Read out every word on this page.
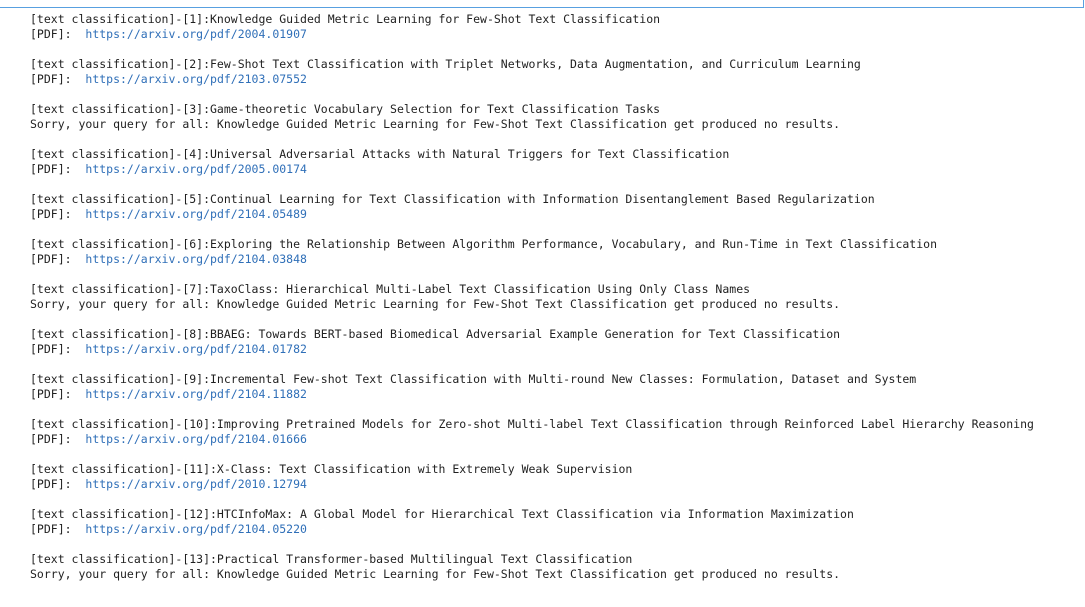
[text classification]-[1]:Knowledge Guided Metric Learning for Few-Shot Text Classification
[PDF]:  https://arxiv.org/pdf/2004.01907
[text classification]-[2]:Few-Shot Text Classification with Triplet Networks, Data Augmentation, and Curriculum Learning
[PDF]:  https://arxiv.org/pdf/2103.07552
[text classification]-[3]:Game-theoretic Vocabulary Selection for Text Classification Tasks
Sorry, your query for all: Knowledge Guided Metric Learning for Few-Shot Text Classification get produced no results.
[text classification]-[4]:Universal Adversarial Attacks with Natural Triggers for Text Classification
[PDF]:  https://arxiv.org/pdf/2005.00174
[text classification]-[5]:Continual Learning for Text Classification with Information Disentanglement Based Regularization
[PDF]:  https://arxiv.org/pdf/2104.05489
[text classification]-[6]:Exploring the Relationship Between Algorithm Performance, Vocabulary, and Run-Time in Text Classification
[PDF]:  https://arxiv.org/pdf/2104.03848
[text classification]-[7]:TaxoClass: Hierarchical Multi-Label Text Classification Using Only Class Names
Sorry, your query for all: Knowledge Guided Metric Learning for Few-Shot Text Classification get produced no results.
[text classification]-[8]:BBAEG: Towards BERT-based Biomedical Adversarial Example Generation for Text Classification
[PDF]:  https://arxiv.org/pdf/2104.01782
[text classification]-[9]:Incremental Few-shot Text Classification with Multi-round New Classes: Formulation, Dataset and System
[PDF]:  https://arxiv.org/pdf/2104.11882
[text classification]-[10]:Improving Pretrained Models for Zero-shot Multi-label Text Classification through Reinforced Label Hierarchy Reasoning
[PDF]:  https://arxiv.org/pdf/2104.01666
[text classification]-[11]:X-Class: Text Classification with Extremely Weak Supervision
[PDF]:  https://arxiv.org/pdf/2010.12794
[text classification]-[12]:HTCInfoMax: A Global Model for Hierarchical Text Classification via Information Maximization
[PDF]:  https://arxiv.org/pdf/2104.05220
[text classification]-[13]:Practical Transformer-based Multilingual Text Classification
Sorry, your query for all: Knowledge Guided Metric Learning for Few-Shot Text Classification get produced no results.
